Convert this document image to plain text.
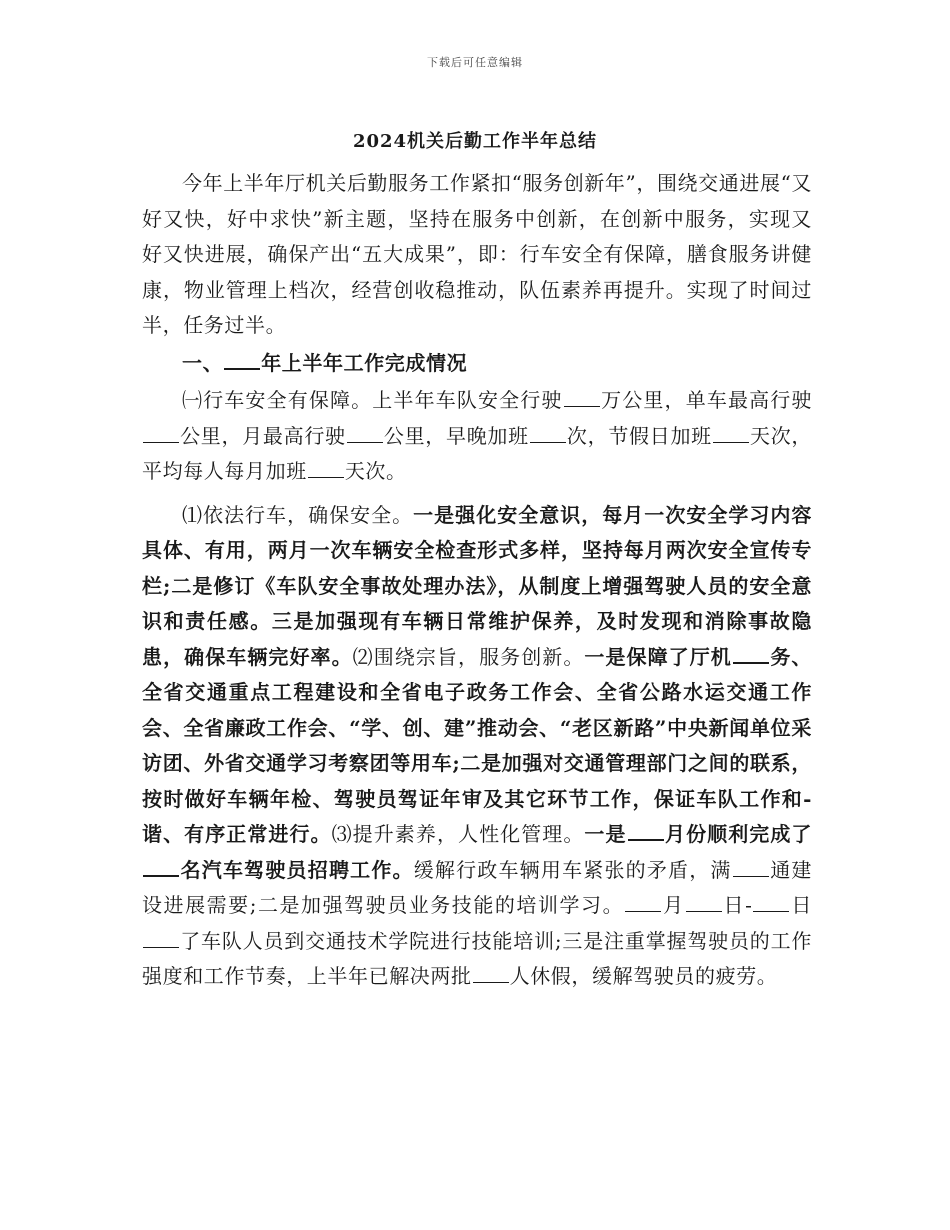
下载后可任意编辑
2024机关后勤工作半年总结

今年上半年厅机关后勤服务工作紧扣“服务创新年”，围绕交通进展“又好又快，好中求快”新主题，坚持在服务中创新，在创新中服务，实现又好又快进展，确保产出“五大成果”，即：行车安全有保障，膳食服务讲健康，物业管理上档次，经营创收稳推动，队伍素养再提升。实现了时间过半，任务过半。

一、 年上半年工作完成情况

㈠行车安全有保障。上半年车队安全行驶 万公里，单车最高行驶公里，月最高行驶 公里，早晚加班 次，节假日加班 天次，平均每人每月加班 天次。

⑴依法行车，确保安全。一是强化安全意识，每月一次安全学习内容具体、有用，两月一次车辆安全检查形式多样，坚持每月两次安全宣传专栏;二是修订《车队安全事故处理办法》，从制度上增强驾驶人员的安全意识和责任感。三是加强现有车辆日常维护保养，及时发现和消除事故隐患，确保车辆完好率。⑵围绕宗旨，服务创新。一是保障了厅机 务、全省交通重点工程建设和全省电子政务工作会、全省公路水运交通工作会、全省廉政工作会、“学、创、建”推动会、“老区新路”中央新闻单位采访团、外省交通学习考察团等用车;二是加强对交通管理部门之间的联系，按时做好车辆年检、驾驶员驾证年审及其它环节工作，保证车队工作和-谐、有序正常进行。⑶提升素养，人性化管理。一是 月份顺利完成了名汽车驾驶员招聘工作。缓解行政车辆用车紧张的矛盾，满 通建设进展需要;二是加强驾驶员业务技能的培训学习。 月 日- 日了车队人员到交通技术学院进行技能培训;三是注重掌握驾驶员的工作强度和工作节奏，上半年已解决两批 人休假，缓解驾驶员的疲劳。
